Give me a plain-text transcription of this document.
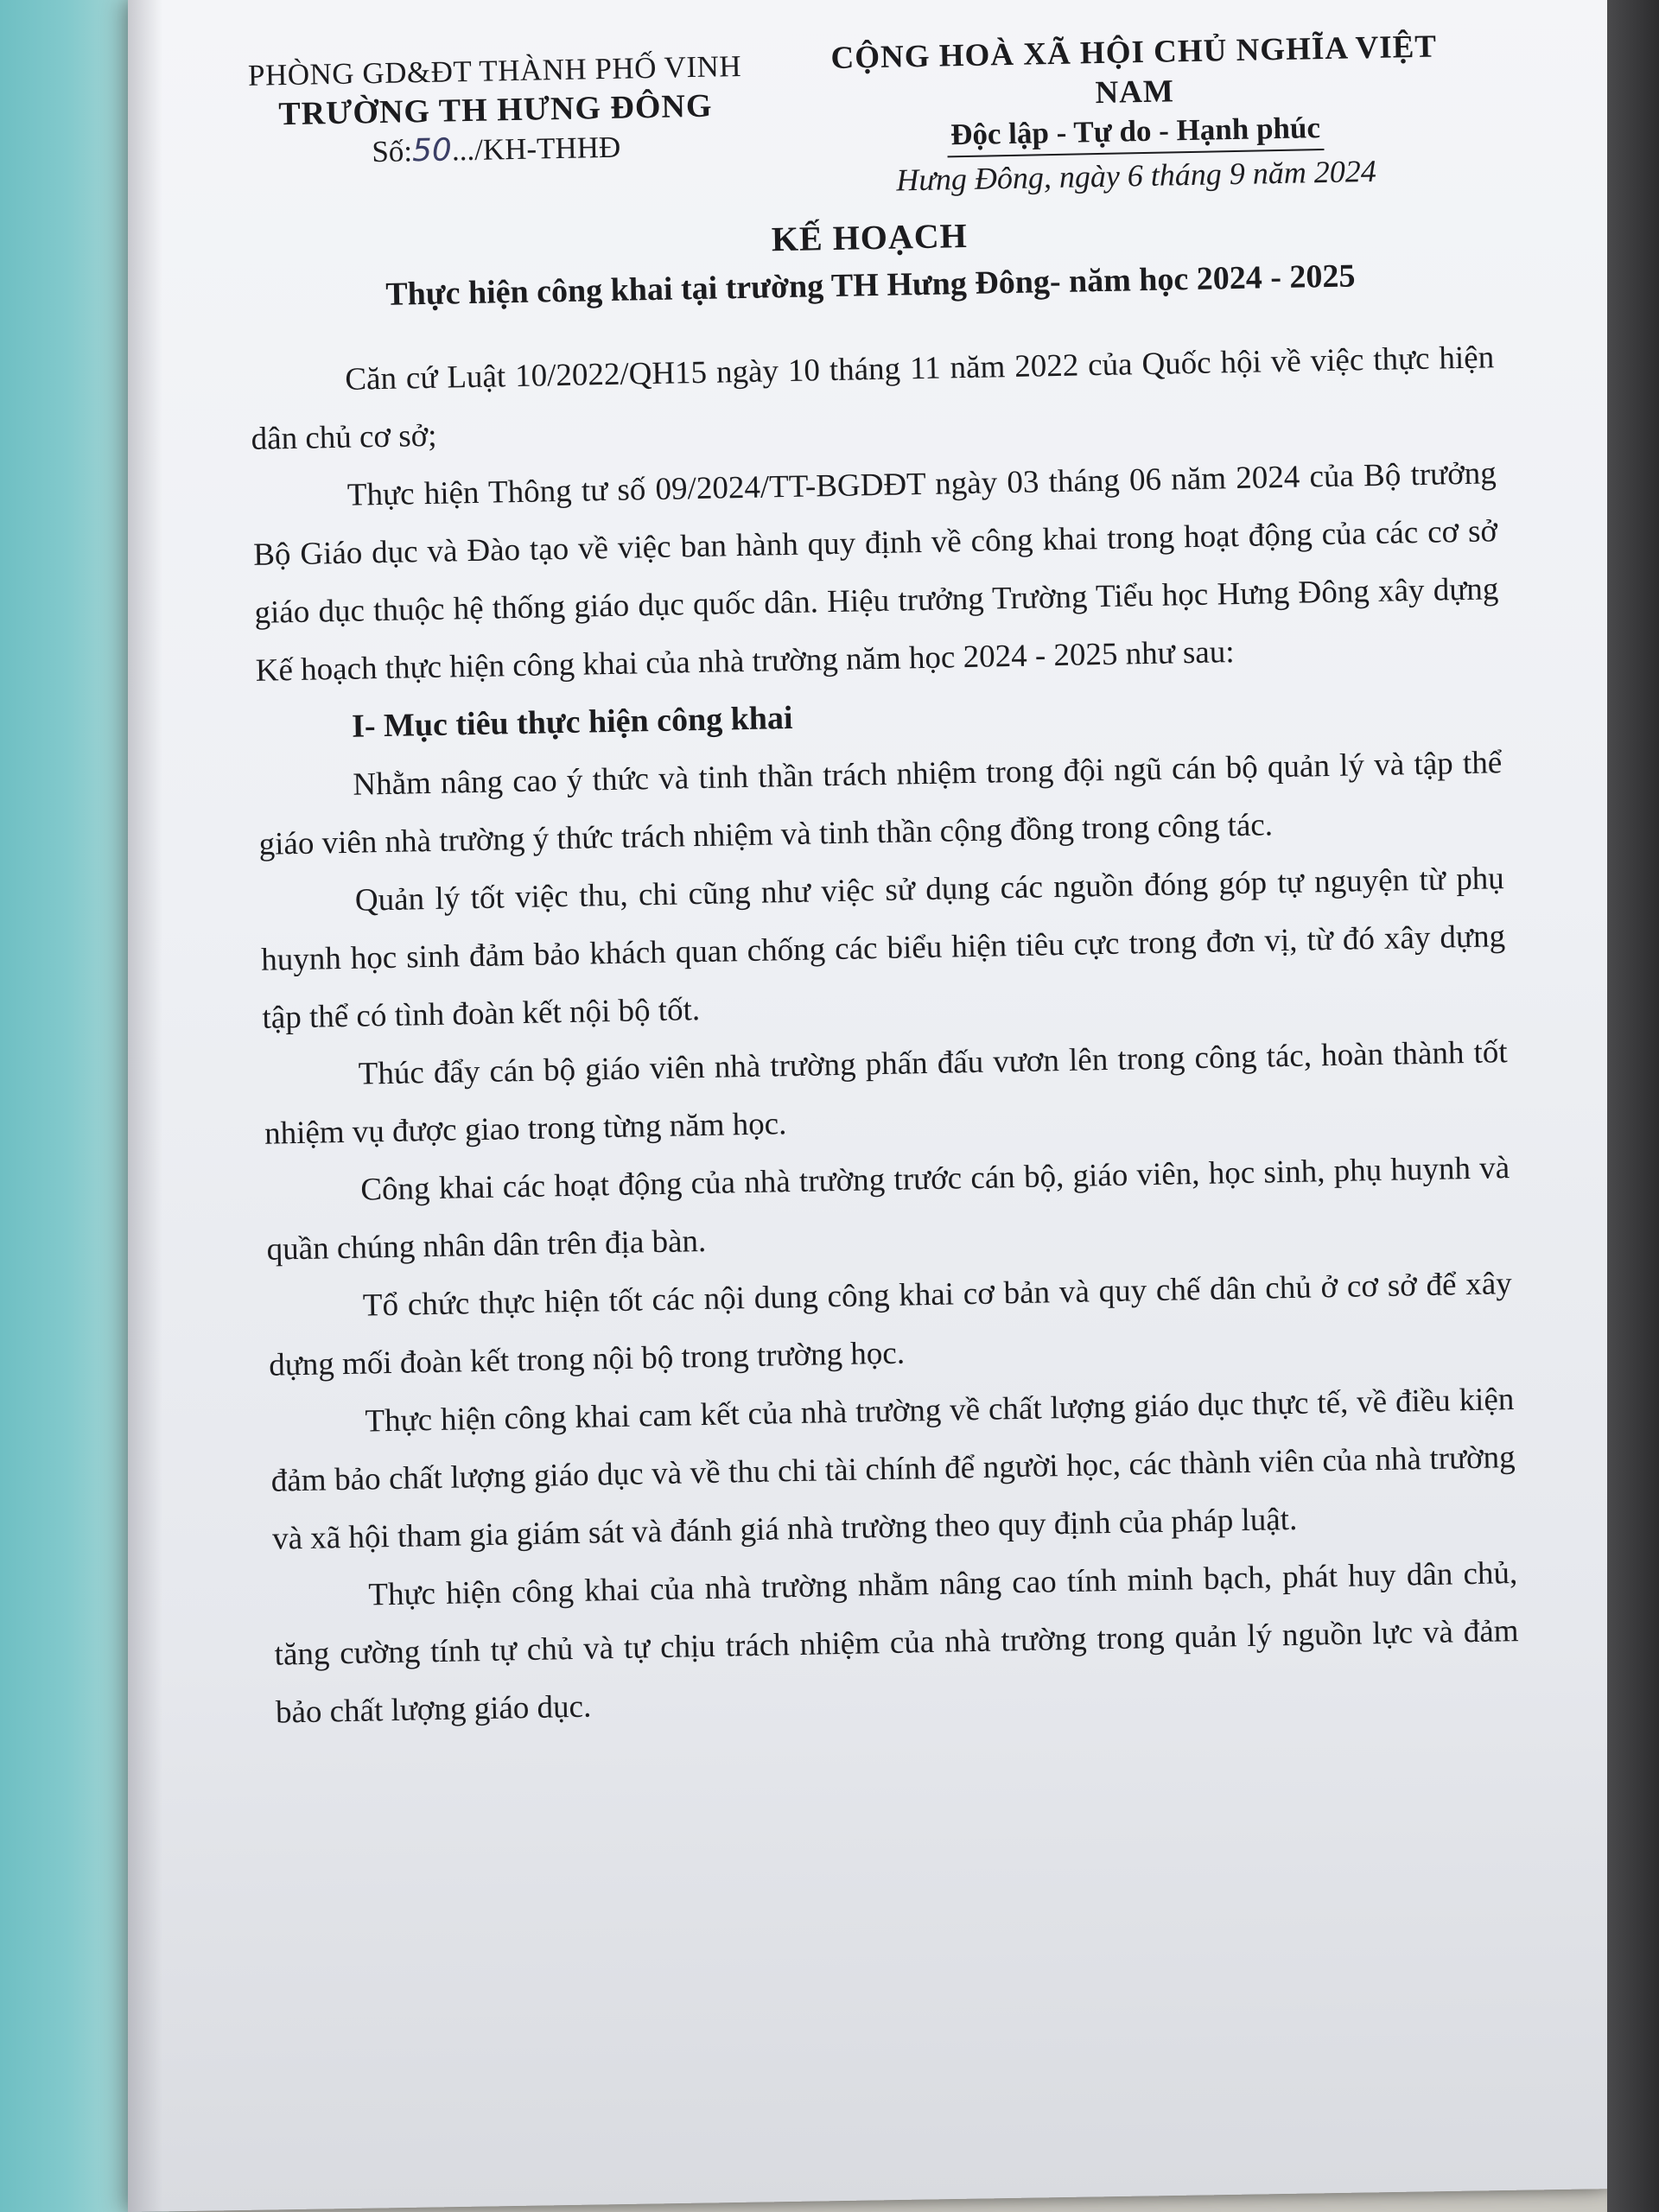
PHÒNG GD&ĐT THÀNH PHỐ VINH
TRƯỜNG TH HƯNG ĐÔNG
Số:50.../KH-THHĐ
CỘNG HOÀ XÃ HỘI CHỦ NGHĨA VIỆT NAM
Độc lập - Tự do - Hạnh phúc
Hưng Đông, ngày 6 tháng 9 năm 2024
KẾ HOẠCH
Thực hiện công khai tại trường TH Hưng Đông- năm học 2024 - 2025

Căn cứ Luật 10/2022/QH15 ngày 10 tháng 11 năm 2022 của Quốc hội về việc thực hiện dân chủ cơ sở;

Thực hiện Thông tư số 09/2024/TT-BGDĐT ngày 03 tháng 06 năm 2024 của Bộ trưởng Bộ Giáo dục và Đào tạo về việc ban hành quy định về công khai trong hoạt động của các cơ sở giáo dục thuộc hệ thống giáo dục quốc dân. Hiệu trưởng Trường Tiểu học Hưng Đông xây dựng Kế hoạch thực hiện công khai của nhà trường năm học 2024 - 2025 như sau:

I- Mục tiêu thực hiện công khai

Nhằm nâng cao ý thức và tinh thần trách nhiệm trong đội ngũ cán bộ quản lý và tập thể giáo viên nhà trường ý thức trách nhiệm và tinh thần cộng đồng trong công tác.

Quản lý tốt việc thu, chi cũng như việc sử dụng các nguồn đóng góp tự nguyện từ phụ huynh học sinh đảm bảo khách quan chống các biểu hiện tiêu cực trong đơn vị, từ đó xây dựng tập thể có tình đoàn kết nội bộ tốt.

Thúc đẩy cán bộ giáo viên nhà trường phấn đấu vươn lên trong công tác, hoàn thành tốt nhiệm vụ được giao trong từng năm học.

Công khai các hoạt động của nhà trường trước cán bộ, giáo viên, học sinh, phụ huynh và quần chúng nhân dân trên địa bàn.

Tổ chức thực hiện tốt các nội dung công khai cơ bản và quy chế dân chủ ở cơ sở để xây dựng mối đoàn kết trong nội bộ trong trường học.

Thực hiện công khai cam kết của nhà trường về chất lượng giáo dục thực tế, về điều kiện đảm bảo chất lượng giáo dục và về thu chi tài chính để người học, các thành viên của nhà trường và xã hội tham gia giám sát và đánh giá nhà trường theo quy định của pháp luật.

Thực hiện công khai của nhà trường nhằm nâng cao tính minh bạch, phát huy dân chủ, tăng cường tính tự chủ và tự chịu trách nhiệm của nhà trường trong quản lý nguồn lực và đảm bảo chất lượng giáo dục.
